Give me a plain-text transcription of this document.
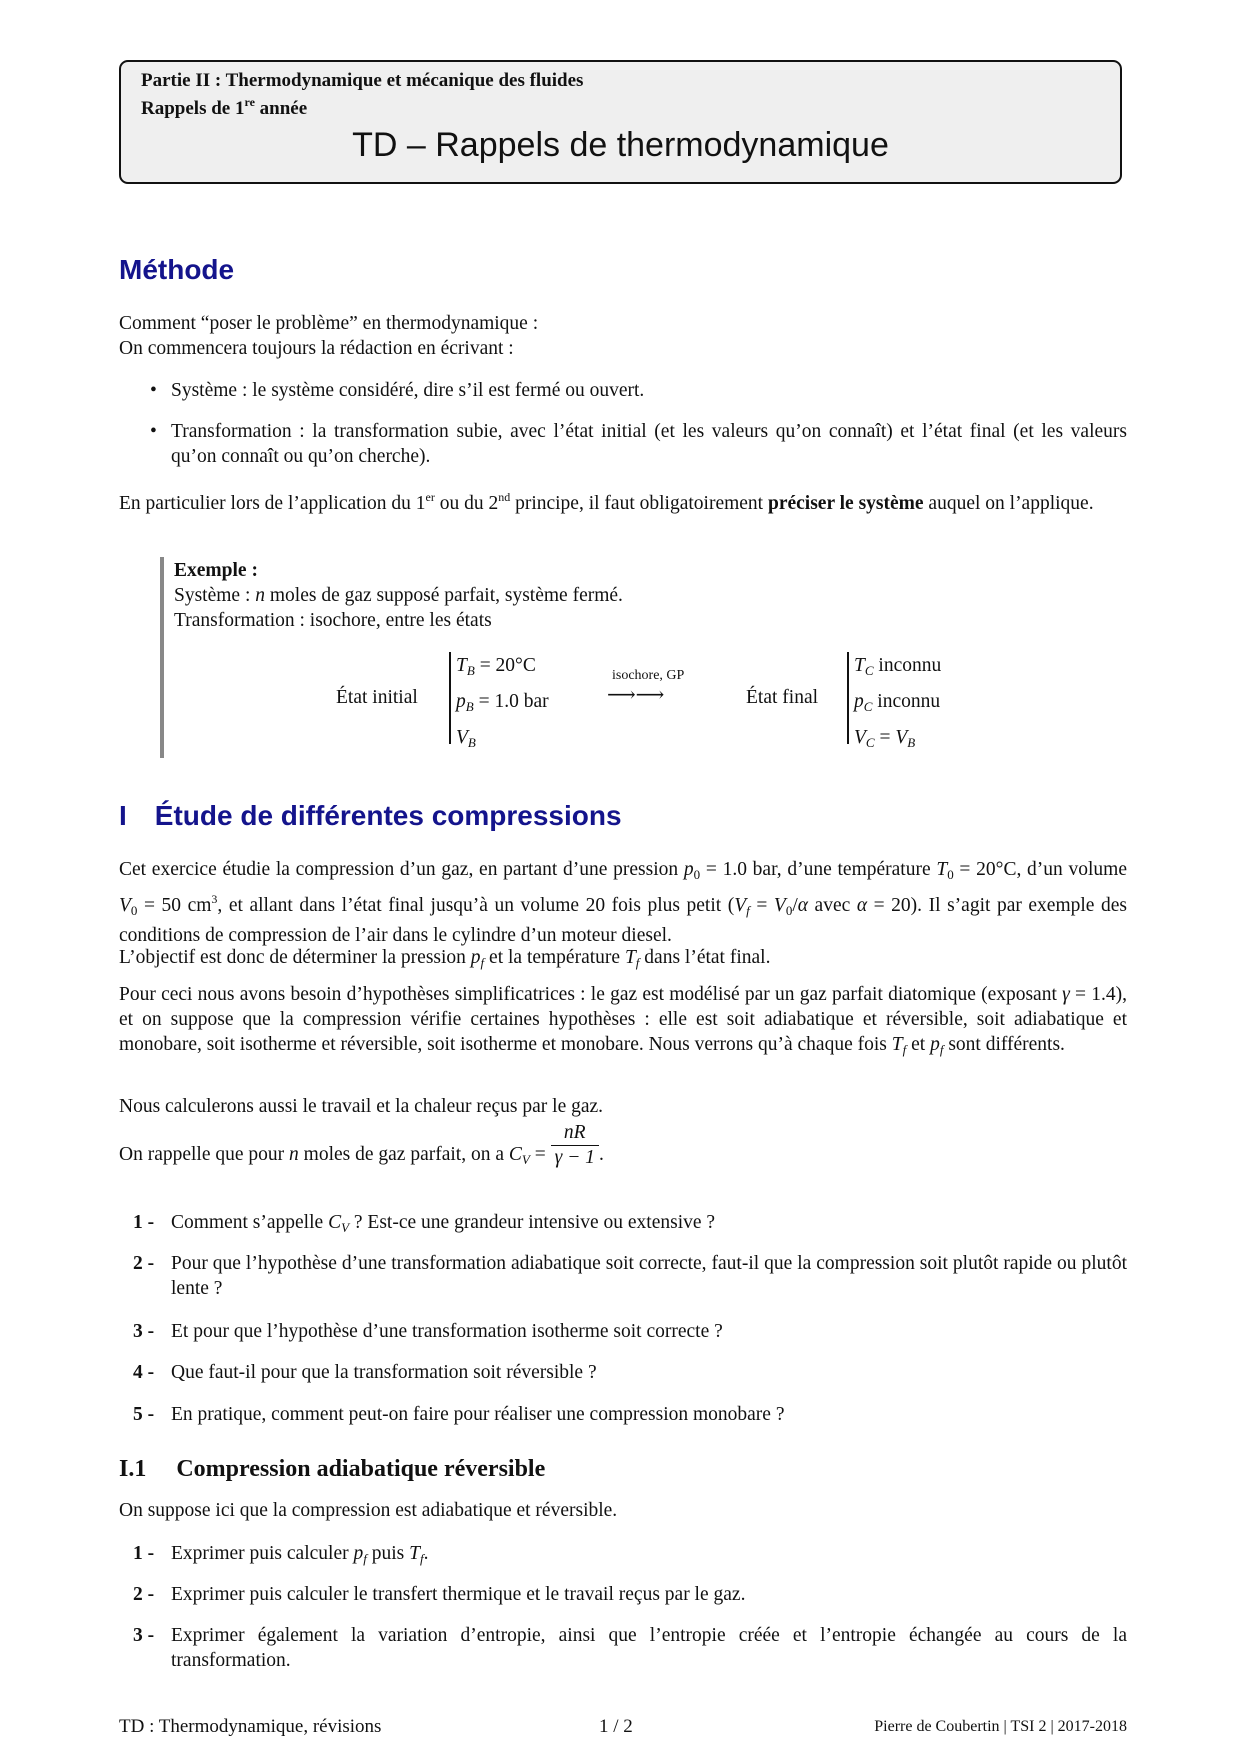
Partie II : Thermodynamique et mécanique des fluides
Rappels de 1re année
TD – Rappels de thermodynamique
Méthode
Comment “poser le problème” en thermodynamique :
On commencera toujours la rédaction en écrivant :
• Système : le système considéré, dire s’il est fermé ou ouvert.
• Transformation : la transformation subie, avec l’état initial (et les valeurs qu’on connaît) et l’état final (et les valeurs qu’on connaît ou qu’on cherche).
En particulier lors de l’application du 1er ou du 2nd principe, il faut obligatoirement préciser le système auquel on l’applique.
Exemple :
Système : n moles de gaz supposé parfait, système fermé.
Transformation : isochore, entre les états
État initial
$T_B = 20^\circ C$
$p_B = 1.0$ bar
$V_B$
isochore, GP
⟶⟶	État final
$T_C$ inconnu
$p_C$ inconnu
$V_C = V_B$
I Étude de différentes compressions
Cet exercice étudie la compression d’un gaz, en partant d’une pression $p_0 = 1.0$ bar, d’une température $T_0 = 20^\circ C$, d’un volume $V_0 = 50$ $cm^3$, et allant dans l’état final jusqu’à un volume 20 fois plus petit ($V_f = V_0/\alpha$ avec α = 20). Il s’agit par exemple des conditions de compression de l’air dans le cylindre d’un moteur diesel.
L’objectif est donc de déterminer la pression $p_f$ et la température $T_f$ dans l’état final.
Pour ceci nous avons besoin d’hypothèses simplificatrices : le gaz est modélisé par un gaz parfait diatomique (exposant γ = 1.4), et on suppose que la compression vérifie certaines hypothèses : elle est soit adiabatique et réversible, soit adiabatique et monobare, soit isotherme et réversible, soit isotherme et monobare. Nous verrons qu’à chaque fois $T_f$ et $p_f$ sont différents.
Nous calculerons aussi le travail et la chaleur reçus par le gaz.
On rappelle que pour n moles de gaz parfait, on a $C_V = \frac{nR}{\gamma - 1}$ .
1 - Comment s’appelle $C_V$ ? Est-ce une grandeur intensive ou extensive ?
2 - Pour que l’hypothèse d’une transformation adiabatique soit correcte, faut-il que la compression soit plutôt rapide ou plutôt lente ?
3 - Et pour que l’hypothèse d’une transformation isotherme soit correcte ?
4 - Que faut-il pour que la transformation soit réversible ?
5 - En pratique, comment peut-on faire pour réaliser une compression monobare ?
I.1 Compression adiabatique réversible
On suppose ici que la compression est adiabatique et réversible.
1 - Exprimer puis calculer $p_f$ puis $T_f$.
2 - Exprimer puis calculer le transfert thermique et le travail reçus par le gaz.
3 - Exprimer également la variation d’entropie, ainsi que l’entropie créée et l’entropie échangée au cours de la transformation.
TD : Thermodynamique, révisions	1 / 2	Pierre de Coubertin | TSI 2 | 2017-2018
